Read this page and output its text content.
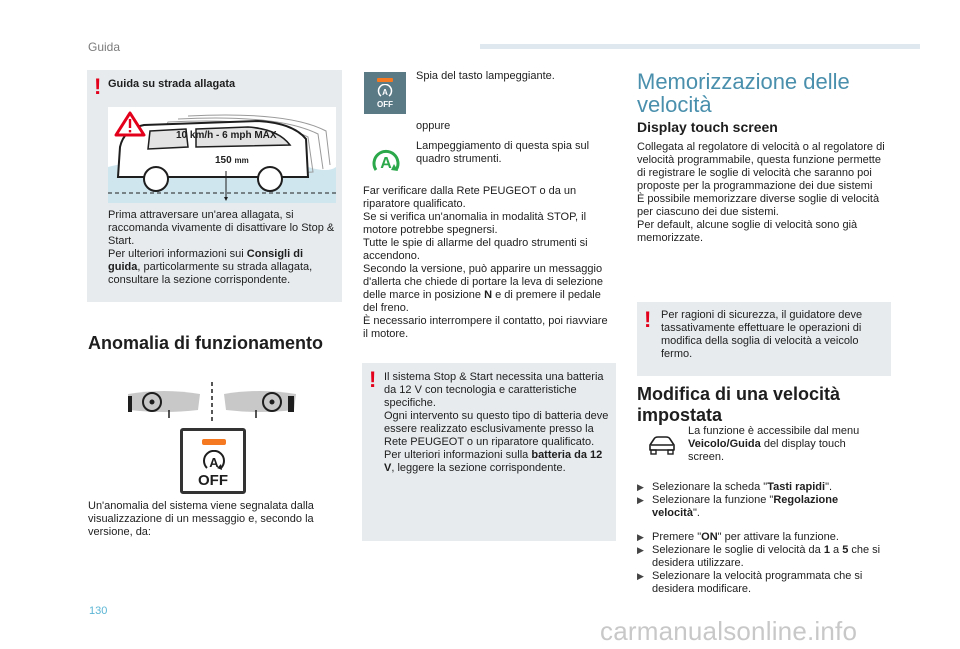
Guida
! Guida su strada allagata
10 km/h - 6 mph MAX
150 mm
Prima attraversare un'area allagata, si raccomanda vivamente di disattivare lo Stop & Start.
Per ulteriori informazioni sui Consigli di guida, particolarmente su strada allagata, consultare la sezione corrispondente.
Anomalia di funzionamento
A
OFF
Un'anomalia del sistema viene segnalata dalla visualizzazione di un messaggio e, secondo la versione, da:
A
OFF
Spia del tasto lampeggiante.
oppure
A
Lampeggiamento di questa spia sul quadro strumenti.
Far verificare dalla Rete PEUGEOT o da un riparatore qualificato.
Se si verifica un'anomalia in modalità STOP, il motore potrebbe spegnersi.
Tutte le spie di allarme del quadro strumenti si accendono.
Secondo la versione, può apparire un messaggio d'allerta che chiede di portare la leva di selezione delle marce in posizione N e di premere il pedale del freno.
È necessario interrompere il contatto, poi riavviare il motore.
! Il sistema Stop & Start necessita una batteria da 12 V con tecnologia e caratteristiche specifiche.
Ogni intervento su questo tipo di batteria deve essere realizzato esclusivamente presso la Rete PEUGEOT o un riparatore qualificato.
Per ulteriori informazioni sulla batteria da 12 V, leggere la sezione corrispondente.
Memorizzazione delle velocità
Display touch screen
Collegata al regolatore di velocità o al regolatore di velocità programmabile, questa funzione permette di registrare le soglie di velocità che saranno poi proposte per la programmazione dei due sistemi
È possibile memorizzare diverse soglie di velocità per ciascuno dei due sistemi.
Per default, alcune soglie di velocità sono già memorizzate.
! Per ragioni di sicurezza, il guidatore deve tassativamente effettuare le operazioni di modifica della soglia di velocità a veicolo fermo.
Modifica di una velocità impostata
La funzione è accessibile dal menu Veicolo/Guida del display touch screen.
▶ Selezionare la scheda "Tasti rapidi".
▶ Selezionare la funzione "Regolazione velocità".
▶ Premere "ON" per attivare la funzione.
▶ Selezionare le soglie di velocità da 1 a 5 che si desidera utilizzare.
▶ Selezionare la velocità programmata che si desidera modificare.
130
carmanualsonline.info
